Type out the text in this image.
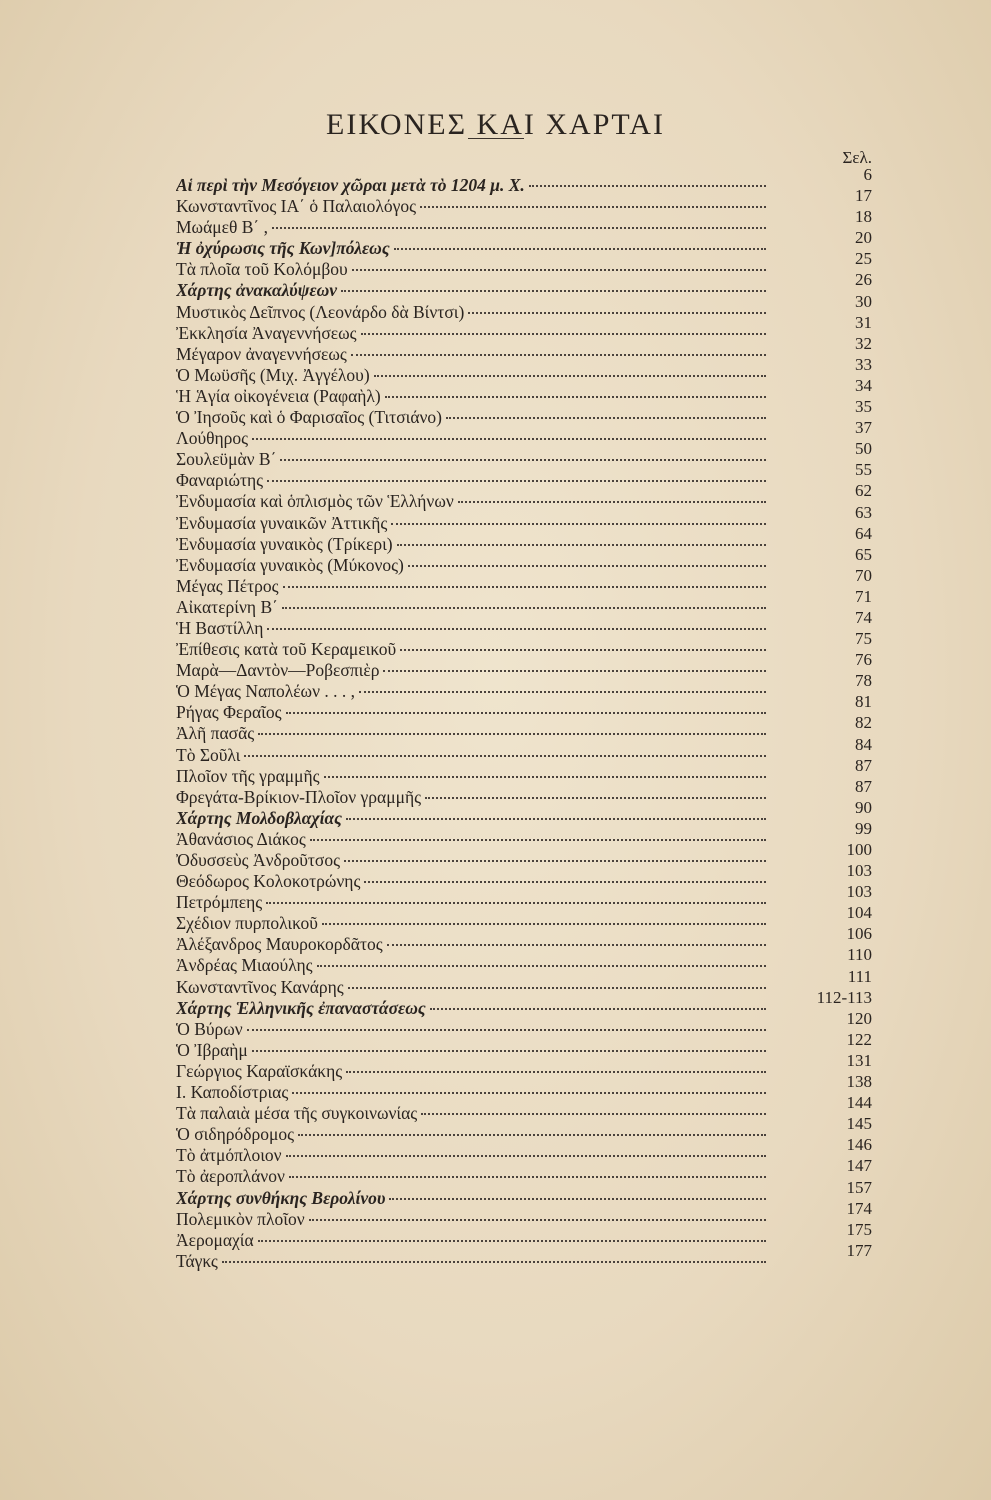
ΕΙΚΟΝΕΣ ΚΑΙ ΧΑΡΤΑΙ
Σελ.
Αἱ περὶ τὴν Μεσόγειον χῶραι μετὰ τὸ 1204 μ. Χ.
6
Κωνσταντῖνος ΙΑ΄ ὁ Παλαιολόγος
17
Μωάμεθ Β΄ ,
18
Ἡ ὀχύρωσις τῆς Κων]πόλεως
20
Τὰ πλοῖα τοῦ Κολόμβου
25
Χάρτης ἀνακαλύψεων
26
Μυστικὸς Δεῖπνος (Λεονάρδο δὰ Βίντσι)
30
Ἐκκλησία Ἀναγεννήσεως
31
Μέγαρον ἀναγεννήσεως
32
Ὁ Μωϋσῆς (Μιχ. Ἀγγέλου)
33
Ἡ Ἁγία οἰκογένεια (Ραφαὴλ)
34
Ὁ Ἰησοῦς καὶ ὁ Φαρισαῖος (Τιτσιάνο)
35
Λούθηρος
37
Σουλεϋμὰν Β΄
50
Φαναριώτης
55
Ἐνδυμασία καὶ ὁπλισμὸς τῶν Ἑλλήνων
62
Ἐνδυμασία γυναικῶν Ἀττικῆς
63
Ἐνδυμασία γυναικὸς (Τρίκερι)
64
Ἐνδυμασία γυναικὸς (Μύκονος)
65
Μέγας Πέτρος
70
Αἰκατερίνη Β΄
71
Ἡ Βαστίλλη
74
Ἐπίθεσις κατὰ τοῦ Κεραμεικοῦ
75
Μαρὰ—Δαντὸν—Ροβεσπιὲρ
76
Ὁ Μέγας Ναπολέων . . . ,
78
Ρήγας Φεραῖος
81
Ἀλῆ πασᾶς
82
Τὸ Σοῦλι
84
Πλοῖον τῆς γραμμῆς
87
Φρεγάτα-Βρίκιον-Πλοῖον γραμμῆς
87
Χάρτης Μολδοβλαχίας
90
Ἀθανάσιος Διάκος
99
Ὀδυσσεὺς Ἀνδροῦτσος
100
Θεόδωρος Κολοκοτρώνης
103
Πετρόμπεης
103
Σχέδιον πυρπολικοῦ
104
Ἀλέξανδρος Μαυροκορδᾶτος
106
Ἀνδρέας Μιαούλης
110
Κωνσταντῖνος Κανάρης
111
Χάρτης Ἑλληνικῆς ἐπαναστάσεως
112-113
Ὁ Βύρων
120
Ὁ Ἰβραὴμ
122
Γεώργιος Καραϊσκάκης
131
Ι. Καποδίστριας
138
Τὰ παλαιὰ μέσα τῆς συγκοινωνίας
144
Ὁ σιδηρόδρομος
145
Τὸ ἀτμόπλοιον
146
Τὸ ἀεροπλάνον
147
Χάρτης συνθήκης Βερολίνου
157
Πολεμικὸν πλοῖον
174
Ἀερομαχία
175
Τάγκς
177
